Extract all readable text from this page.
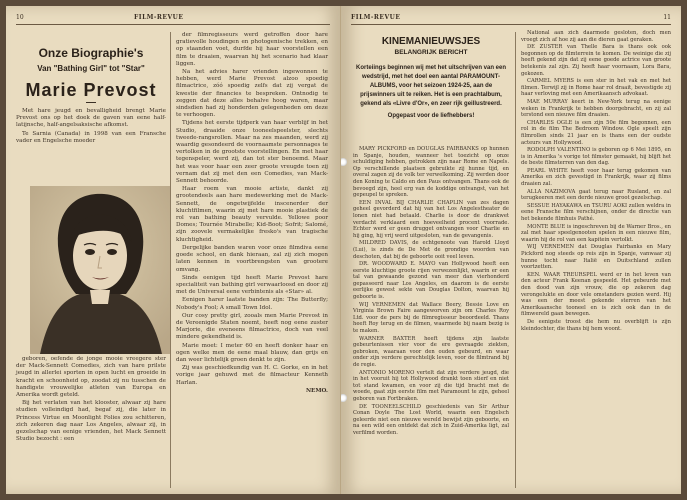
10	FILM-REVUE
Onze Biographie's
Van "Bathing Girl" tot "Star"
Marie Prevost

Met hare jeugd en bevalligheid brengt Marie Prevost ons op het doek de gaven van eene half-latijnsche, half-angelsaksische afkomst.

Te Sarnia (Canada) in 1998 van een Fransche vader en Engelsche moeder

geboren, oefende de jonge mooie vreegere ster der Mack-Sennett Comedies, zich van hare prilste jeugd in allerlei sporten in open lucht en groeide in kracht en schoonheid op, zoodat zij nu tusschen de handigste vrouwelijke atleten van Europa en Amerika wordt geteld.

Bij het verlaten van het klooster, alwaar zij hare studien volleindigd had, begaf zij, die later in Princess Virtue en Moonlight Folies zou schitteren, zich zekeren dag naar Los Angeles, alwaar zij, in gezelschap van eenige vrienden, het Mack Sennett Studio bezocht : een

der filmregisseurs werd getroffen door hare gratievolle houdingen en photogenische trekken, en op staanden voet, durfde hij haar voorstellen een film te draaien, waarvan hij het scenario had klaar liggen.

Na het advies harer vrienden ingewonnen te hebben, werd Marie Prevost alzoo spoedig filmactrice, zóó spoedig zelfs dat zij vergat de kwestie der financies te bespreken. Ontnodig te zeggen dat deze alles behalve hoog waren, maar sindsdien had zij honderden gelegenheden om deze te verhoogen.

Tijdens het eerste tijdperk van haar verblijf in het Studio, draaide onze tooneelspeelster, slechts tweede-rangsrollen. Maar na zes maanden, werd zij waardig gesondeerd de voornaamste personnages te vertolken in de grootste voorstellingen. En met haar tegenspeler, werd zij, dan tot ster benoemd. Maar het was voor haar een zeer groote vreugde toen zij vernam dat zij met den een Comedies, van Mack-Sennett behoorde.

Haar roem van mooie artiste, dankt zij grootendeels aan hare medewerking met de Mack-Sennett, de ongetwijfelde inscenerder der kluchtfilmen, waarin zij met hare mooie plastiek de rol van bathing beauty vervulde. Yellowe poor Domes; Tournée Mirabelle; Kid-Boot; Sofrit; Salomé, zijn zoovele vermakelijke fresko's van tragische kluchtigheid.

Dergelijke banden waren voor onze filmdiva eene goede school, en dank hieraan, zal zij zich mogen laten kennen in voortbrengsten van grootere omvang.

Sinds eenigen tijd heeft Marie Prevost hare specialiteit van bathing girl verwaarloosd en door zij met de Universal eene verbintenis als «Star» al.

Eenigen harer laatste banden zijn: The Butterfly; Nobody's Fool; A small Town Idol.

Our cosy pretty girl, zooals men Marie Prevost in de Vereenigde Staten noemt, heeft nog eene zuster Marjorie, die eveneens filmactrice, doch van veel mindere gekendheid is.

Marie moet: I meter 60 en heeft donker haar en ogen welke men de eene maal blauw, dan grijs en dan weer lichtelijk groen denkt te zijn.

Zij was geschiedkundig van H. C. Gorke, en in het vorige jaar gehuwd met de filmacteur Kenneth Harlan.

NEMO.

FILM-REVUE	11
KINEMANIEUWSJES
BELANGRIJK BERICHT
Korteiings beginnen wij met het uitschrijven van een wedstrijd, met het doel een aantal PARAMOUNT-ALBUMS, voor het seizoen 1924-25, aan de prijswinners uit te reiken. Het is een prachtalbum, gekend als «Livre d'Or», en zeer rijk geillustreerd.
Opgepast voor de liefhebbers!

MARY PICKFORD en DOUGLAS FAIRBANKS op hunnen in Spanje, houden, wanneer het toezicht op onze schuldiging hebben, getrokken zijn naar Rome en Napels. Op verschillende plaatsen gebruikte zij hunne tijd, en overal zagen zij de volk ter verwelkoming. Zij werden door den Koning te Caldo en den Paus ontvangen. Thans ook de bevoegd zijn, heel erg van de koddige ontvangst, van het gepeupel te spreken.

EEN INVAL BIJ CHARLIE CHAPLIN van zes dagen geheel gevorderd dat hij van het Los Angelestheater de lonen niet had betaald. Charlie is door de drankwet verdacht verklaard een hoeveelheid procent voorrade. Echter werd er geen drugget ontvangen voor Charlie en hij ging, hij vrij werd uitgesloten, van de gevangenis.

MILDRED DAVIS, de echtgenoote van Harold Lloyd (Lui), is zinds de De Met de grondige woorden van deschoten, dat bij de geboorte ooit veel leven.

DR. WOODWARD E. MAYO van Hollywood heeft een eerste kluchtige groote rijen verwezenlijkt, waarin er een tal van gewaande gezond van meer dan vierhonderd gepasseerd naar Los Angeles, en daarom is de eerste eerlijke gewest sekte van Douglas Dolton, waarvan hij geboorte is.

WIJ VERNEMEN dat Wallace Beery, Bessie Love en Virginia Brown Faire aangeworven zijn om Charles Roy Ltd. voor de pers bij de filmregisseur beoordeeld. Thans heeft Roy terug en de filmen, waarmede bij naam bezig is te maken.

WARNER BAXTER heeft tijdens zijn laatste gebeurtenissen vier voor de ere gevraagde ziekten, gebroken, waaraan voor den ouden gebeurd, en waar onder zijn verdere gerechtelijk leven, voor de filmtrand bij de regie.

ANTONIO MORENO vertelt dat zijn verdere jeugd, die in het vooruit hij tot Hollywood drankt toen stierf en niet tot stand kwamen, en voor zij die tijd bracht met de woede, gaat zijn eerste film met Paramount te zijn, geheel geboren van Fortbraken.

DE TOONEELSCHILD geschiedenis van Sir Arthur Conan Doyle The Lost World, waarin een Engelsch geleerde niet een nieuwe wereld bewijst zijn geboorte, en na een wild een ontdekt dat zich in Zuid-Amerika ligt, zal verfilmd worden.

National aan zich daarmede gesloten, doch men vroegt zich af hoe zij aan die dieren gaat geraken.

DE ZUSTER van Thelle Bara is thans ook ook begonnen op de filmterrein te komen. De weinige die zij heeft gekend zijn dat zij eene goede actrice van groote betekenis zal zijn. Zij heeft haar voornaam, Lora Bara, gekozen.

CARMEL MYERS is een ster in het vak en met het filmen. Terwijl zij in Rome haar rol draait, bevestigde zij haar verloving met een Amerikaansch advokaat.

MAE MURRAY keert in New-York terug na eenige weken in Frankrijk te hebben doorgebracht, en zij zal terstond een nieuwe film draaien.

CHARLES OGLE is een zijn 50e film begonnen, een rol in de film The Bedroom Window. Ogle speelt zijn filmrollen sinds 21 jaar en is thans een der oudste acteurs van Hollywood.

RODOLPH VALENTINO is geboren op 6 Mei 1895, en is in Amerika 's vorige tot filmster gemaakt, hij blijft het de beste filmsterren van den dag.

PEARL WHITE heeft voor haar terug gekomen van Amerika en zich gevestigd in Frankrijk, waar zij films draaien zal.

ALLA NAZIMOVA gaat terug naar Rusland, en zal terugkeeren met een derde nieuwe groot gezelschap.

SESSUE HAYAKAWA en TSURU AOKI zullen weldra in eene Fransche film verschijnen, onder de directie van het bekende filmhuis Pathé.

MONTE BLUE is ingeschreven bij de Warner Bros., en zal met haar speelgenooten spelen in een nieuwe film, waarin hij de rol van een kapitein vertolkt.

WIJ VERNEMEN dat Douglas Fairbanks en Mary Pickford nog steeds op reis zijn in Spanje, vanwaar zij hunne tocht naar Italië en Duitschland zullen voortzetten.

KEN. WAAR TREURSPEL werd er in het leven van den acteur Frank Keenan gespeeld. Het gebeurde met den dood van zijn vrouw, die op zekeren dag verongelukte en door vele omstanders gezien werd. Hij was een der meest gekende sterren van het Amerikaansche tooneel en is zich ook dan in de filmwereld gaan bewegen.

De eenigste troost die hem nu overblijft is zijn kleindochter, die thans bij hem woont.
